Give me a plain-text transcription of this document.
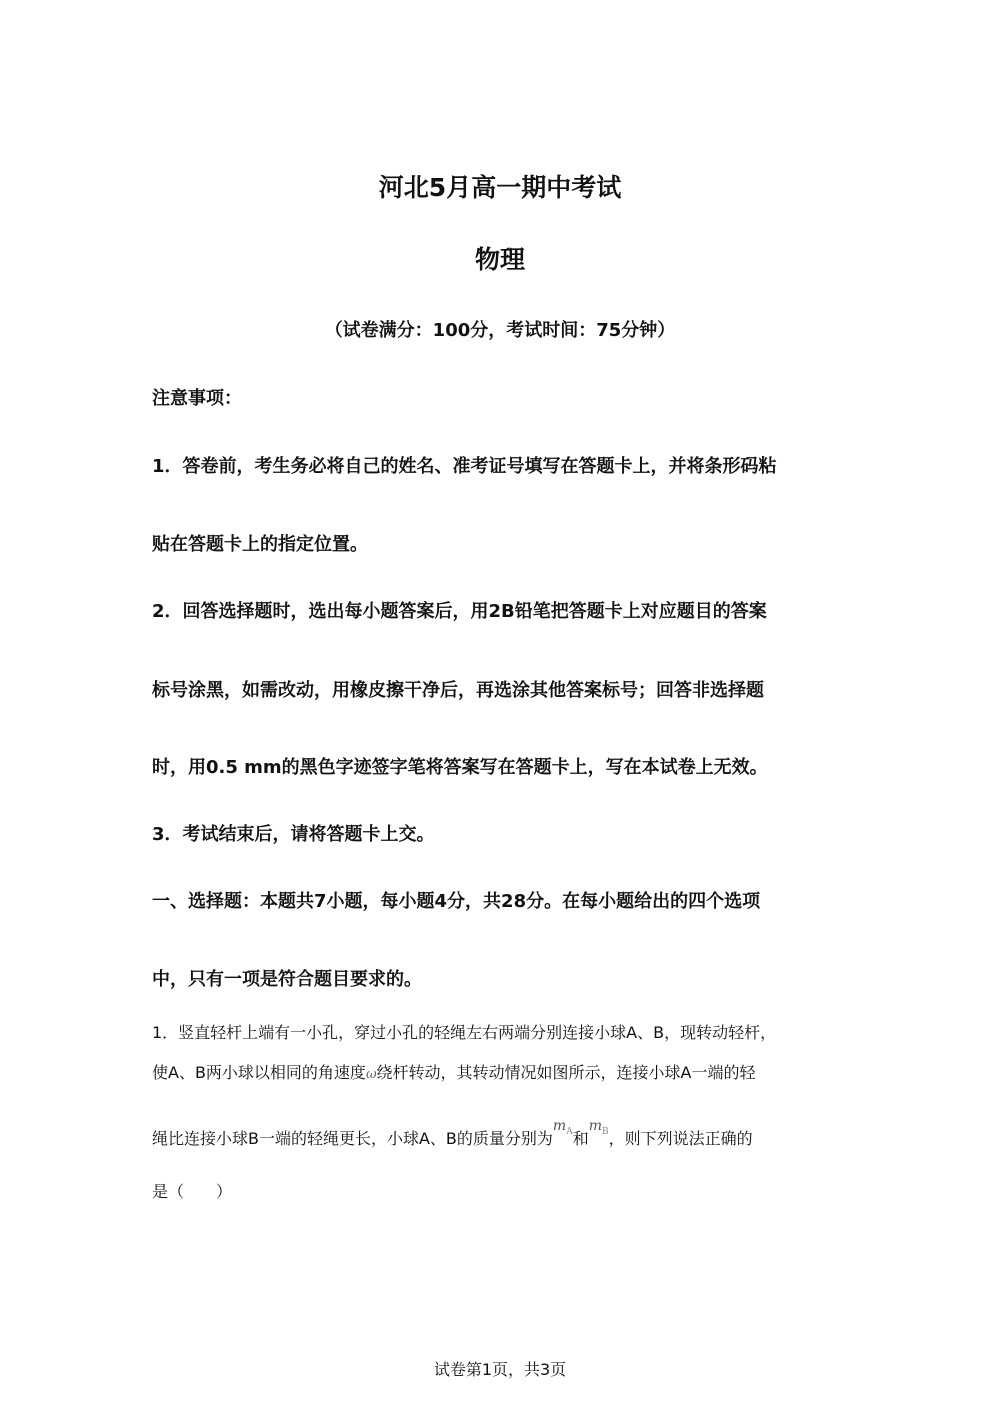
河北5月高一期中考试
物理
（试卷满分：100分，考试时间：75分钟）
注意事项：
1．答卷前，考生务必将自己的姓名、准考证号填写在答题卡上，并将条形码粘
贴在答题卡上的指定位置。
2．回答选择题时，选出每小题答案后，用2B铅笔把答题卡上对应题目的答案
标号涂黑，如需改动，用橡皮擦干净后，再选涂其他答案标号；回答非选择题
时，用0.5 mm的黑色字迹签字笔将答案写在答题卡上，写在本试卷上无效。
3．考试结束后，请将答题卡上交。
一、选择题：本题共7小题，每小题4分，共28分。在每小题给出的四个选项
中，只有一项是符合题目要求的。
1．竖直轻杆上端有一小孔，穿过小孔的轻绳左右两端分别连接小球A、B，现转动轻杆，
使A、B两小球以相同的角速度ω绕杆转动，其转动情况如图所示，连接小球A一端的轻
绳比连接小球B一端的轻绳更长，小球A、B的质量分别为$m_A$和$m_B$，则下列说法正确的
是（　　）
试卷第1页，共3页
